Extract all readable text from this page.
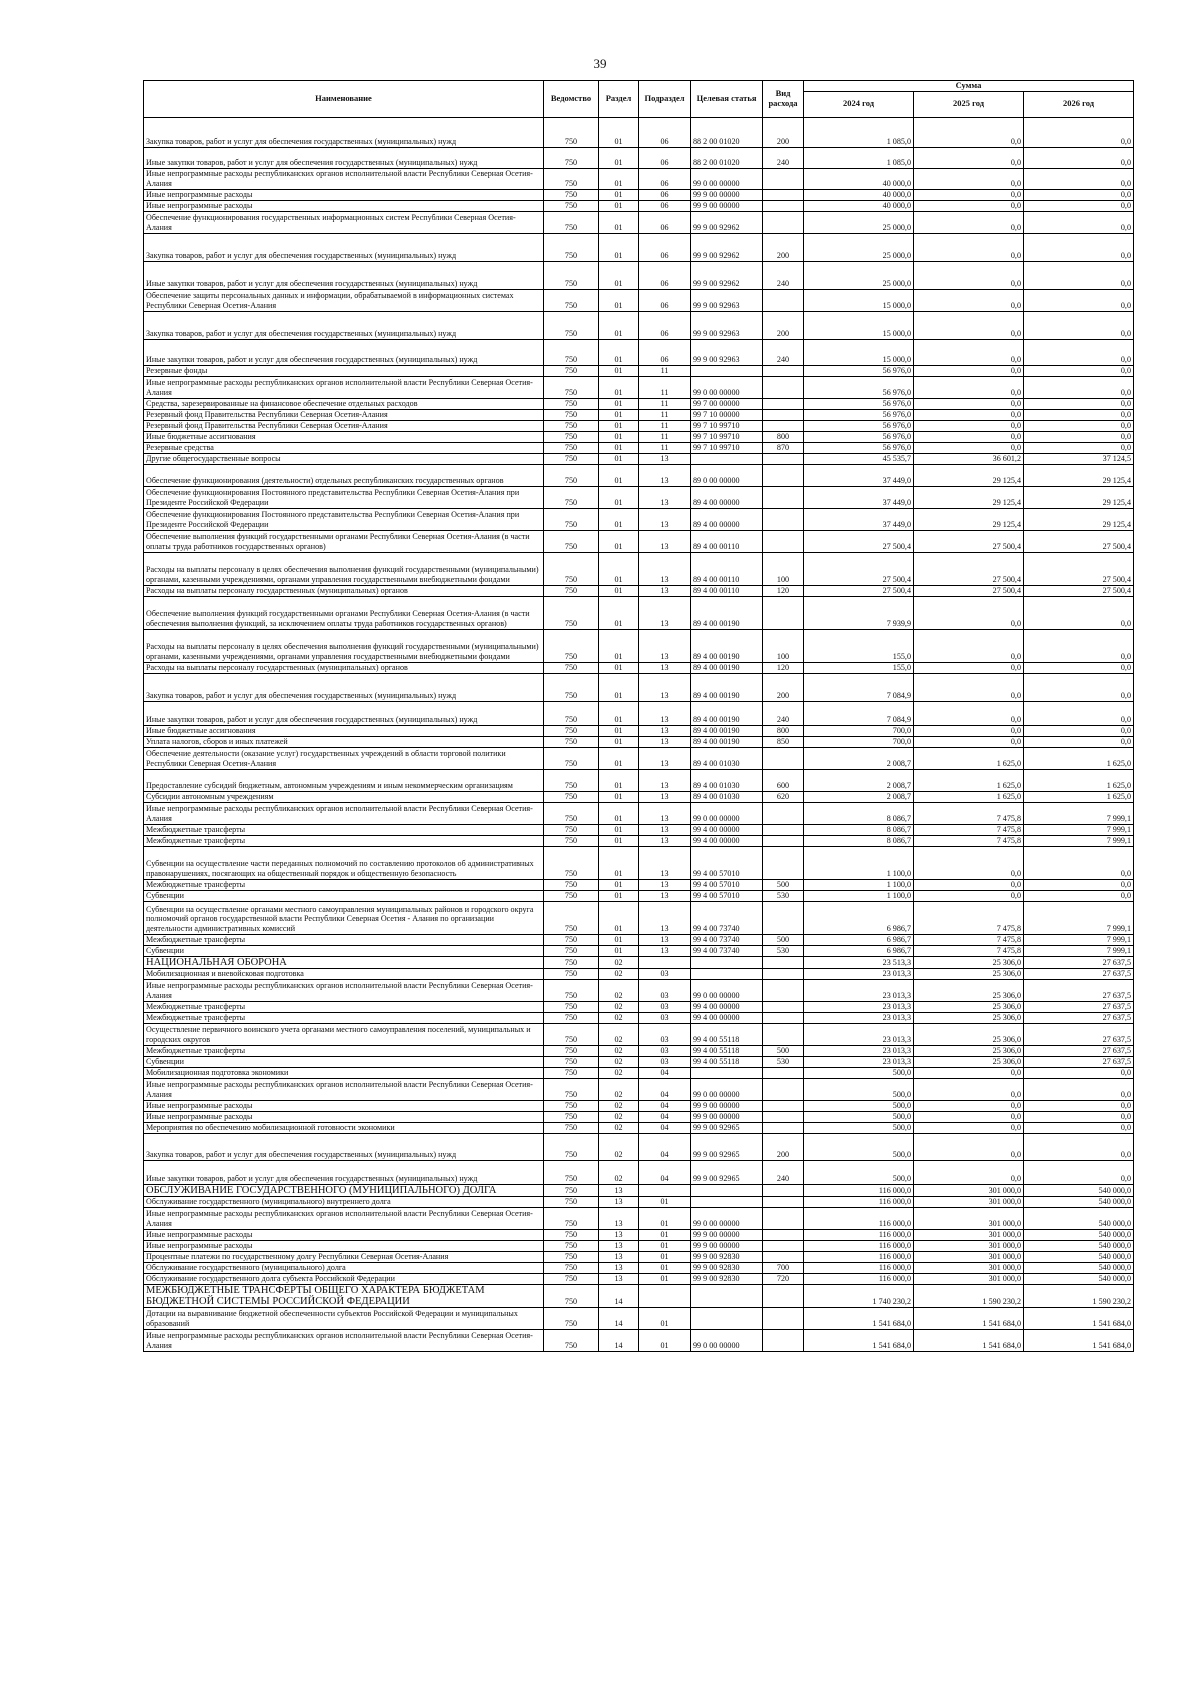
39
Наименование	Ведомство	Раздел	Подраздел	Целевая статья	Вид расхода	Сумма		
						2024 год	2025 год	2026 год
Закупка товаров, работ и услуг для обеспечения государственных (муниципальных) нужд	750	01	06	88 2 00 01020	200	1 085,0	0,0	0,0
Иные закупки товаров, работ и услуг для обеспечения государственных (муниципальных) нужд	750	01	06	88 2 00 01020	240	1 085,0	0,0	0,0
Иные непрограммные расходы республиканских органов исполнительной власти Республики Северная Осетия-Алания	750	01	06	99 0 00 00000		40 000,0	0,0	0,0
Иные непрограммные расходы	750	01	06	99 9 00 00000		40 000,0	0,0	0,0
Иные непрограммные расходы	750	01	06	99 9 00 00000		40 000,0	0,0	0,0
Обеспечение функционирования государственных информационных систем Республики Северная Осетия-Алания	750	01	06	99 9 00 92962		25 000,0	0,0	0,0
Закупка товаров, работ и услуг для обеспечения государственных (муниципальных) нужд	750	01	06	99 9 00 92962	200	25 000,0	0,0	0,0
Иные закупки товаров, работ и услуг для обеспечения государственных (муниципальных) нужд	750	01	06	99 9 00 92962	240	25 000,0	0,0	0,0
Обеспечение защиты персональных данных и информации, обрабатываемой в информационных системах Республики Северная Осетия-Алания	750	01	06	99 9 00 92963		15 000,0	0,0	0,0
Закупка товаров, работ и услуг для обеспечения государственных (муниципальных) нужд	750	01	06	99 9 00 92963	200	15 000,0	0,0	0,0
Иные закупки товаров, работ и услуг для обеспечения государственных (муниципальных) нужд	750	01	06	99 9 00 92963	240	15 000,0	0,0	0,0
Резервные фонды	750	01	11			56 976,0	0,0	0,0
Иные непрограммные расходы республиканских органов исполнительной власти Республики Северная Осетия-Алания	750	01	11	99 0 00 00000		56 976,0	0,0	0,0
Средства, зарезервированные на финансовое обеспечение отдельных расходов	750	01	11	99 7 00 00000		56 976,0	0,0	0,0
Резервный фонд Правительства Республики Северная Осетия-Алания	750	01	11	99 7 10 00000		56 976,0	0,0	0,0
Резервный фонд Правительства Республики Северная Осетия-Алания	750	01	11	99 7 10 99710		56 976,0	0,0	0,0
Иные бюджетные ассигнования	750	01	11	99 7 10 99710	800	56 976,0	0,0	0,0
Резервные средства	750	01	11	99 7 10 99710	870	56 976,0	0,0	0,0
Другие общегосударственные вопросы	750	01	13			45 535,7	36 601,2	37 124,5
Обеспечение функционирования (деятельности) отдельных республиканских государственных органов	750	01	13	89 0 00 00000		37 449,0	29 125,4	29 125,4
Обеспечение функционирования Постоянного представительства Республики Северная Осетия-Алания при Президенте Российской Федерации	750	01	13	89 4 00 00000		37 449,0	29 125,4	29 125,4
Обеспечение функционирования Постоянного представительства Республики Северная Осетия-Алания при Президенте Российской Федерации	750	01	13	89 4 00 00000		37 449,0	29 125,4	29 125,4
Обеспечение выполнения функций государственными органами Республики Северная Осетия-Алания (в части оплаты труда работников государственных органов)	750	01	13	89 4 00 00110		27 500,4	27 500,4	27 500,4
Расходы на выплаты персоналу в целях обеспечения выполнения функций государственными (муниципальными) органами, казенными учреждениями, органами управления государственными внебюджетными фондами	750	01	13	89 4 00 00110	100	27 500,4	27 500,4	27 500,4
Расходы на выплаты персоналу государственных (муниципальных) органов	750	01	13	89 4 00 00110	120	27 500,4	27 500,4	27 500,4
Обеспечение выполнения функций государственными органами Республики Северная Осетия-Алания (в части обеспечения выполнения функций, за исключением оплаты труда работников государственных органов)	750	01	13	89 4 00 00190		7 939,9	0,0	0,0
Расходы на выплаты персоналу в целях обеспечения выполнения функций государственными (муниципальными) органами, казенными учреждениями, органами управления государственными внебюджетными фондами	750	01	13	89 4 00 00190	100	155,0	0,0	0,0
Расходы на выплаты персоналу государственных (муниципальных) органов	750	01	13	89 4 00 00190	120	155,0	0,0	0,0
Закупка товаров, работ и услуг для обеспечения государственных (муниципальных) нужд	750	01	13	89 4 00 00190	200	7 084,9	0,0	0,0
Иные закупки товаров, работ и услуг для обеспечения государственных (муниципальных) нужд	750	01	13	89 4 00 00190	240	7 084,9	0,0	0,0
Иные бюджетные ассигнования	750	01	13	89 4 00 00190	800	700,0	0,0	0,0
Уплата налогов, сборов и иных платежей	750	01	13	89 4 00 00190	850	700,0	0,0	0,0
Обеспечение деятельности (оказание услуг) государственных учреждений в области торговой политики Республики Северная Осетия-Алания	750	01	13	89 4 00 01030		2 008,7	1 625,0	1 625,0
Предоставление субсидий бюджетным, автономным учреждениям и иным некоммерческим организациям	750	01	13	89 4 00 01030	600	2 008,7	1 625,0	1 625,0
Субсидии автономным учреждениям	750	01	13	89 4 00 01030	620	2 008,7	1 625,0	1 625,0
Иные непрограммные расходы республиканских органов исполнительной власти Республики Северная Осетия-Алания	750	01	13	99 0 00 00000		8 086,7	7 475,8	7 999,1
Межбюджетные трансферты	750	01	13	99 4 00 00000		8 086,7	7 475,8	7 999,1
Межбюджетные трансферты	750	01	13	99 4 00 00000		8 086,7	7 475,8	7 999,1
Субвенции на осуществление части переданных полномочий по составлению протоколов об административных правонарушениях, посягающих на общественный порядок и общественную безопасность	750	01	13	99 4 00 57010		1 100,0	0,0	0,0
Межбюджетные трансферты	750	01	13	99 4 00 57010	500	1 100,0	0,0	0,0
Субвенции	750	01	13	99 4 00 57010	530	1 100,0	0,0	0,0
Субвенции на осуществление органами местного самоуправления муниципальных районов и городского округа полномочий органов государственной власти Республики Северная Осетия - Алания по организации деятельности административных комиссий	750	01	13	99 4 00 73740		6 986,7	7 475,8	7 999,1
Межбюджетные трансферты	750	01	13	99 4 00 73740	500	6 986,7	7 475,8	7 999,1
Субвенции	750	01	13	99 4 00 73740	530	6 986,7	7 475,8	7 999,1
НАЦИОНАЛЬНАЯ ОБОРОНА	750	02				23 513,3	25 306,0	27 637,5
Мобилизационная и вневойсковая подготовка	750	02	03			23 013,3	25 306,0	27 637,5
Иные непрограммные расходы республиканских органов исполнительной власти Республики Северная Осетия-Алания	750	02	03	99 0 00 00000		23 013,3	25 306,0	27 637,5
Межбюджетные трансферты	750	02	03	99 4 00 00000		23 013,3	25 306,0	27 637,5
Межбюджетные трансферты	750	02	03	99 4 00 00000		23 013,3	25 306,0	27 637,5
Осуществление первичного воинского учета органами местного самоуправления поселений, муниципальных и городских округов	750	02	03	99 4 00 55118		23 013,3	25 306,0	27 637,5
Межбюджетные трансферты	750	02	03	99 4 00 55118	500	23 013,3	25 306,0	27 637,5
Субвенции	750	02	03	99 4 00 55118	530	23 013,3	25 306,0	27 637,5
Мобилизационная подготовка экономики	750	02	04			500,0	0,0	0,0
Иные непрограммные расходы республиканских органов исполнительной власти Республики Северная Осетия-Алания	750	02	04	99 0 00 00000		500,0	0,0	0,0
Иные непрограммные расходы	750	02	04	99 9 00 00000		500,0	0,0	0,0
Иные непрограммные расходы	750	02	04	99 9 00 00000		500,0	0,0	0,0
Мероприятия по обеспечению мобилизационной готовности экономики	750	02	04	99 9 00 92965		500,0	0,0	0,0
Закупка товаров, работ и услуг для обеспечения государственных (муниципальных) нужд	750	02	04	99 9 00 92965	200	500,0	0,0	0,0
Иные закупки товаров, работ и услуг для обеспечения государственных (муниципальных) нужд	750	02	04	99 9 00 92965	240	500,0	0,0	0,0
ОБСЛУЖИВАНИЕ ГОСУДАРСТВЕННОГО (МУНИЦИПАЛЬНОГО) ДОЛГА	750	13				116 000,0	301 000,0	540 000,0
Обслуживание государственного (муниципального) внутреннего долга	750	13	01			116 000,0	301 000,0	540 000,0
Иные непрограммные расходы республиканских органов исполнительной власти Республики Северная Осетия-Алания	750	13	01	99 0 00 00000		116 000,0	301 000,0	540 000,0
Иные непрограммные расходы	750	13	01	99 9 00 00000		116 000,0	301 000,0	540 000,0
Иные непрограммные расходы	750	13	01	99 9 00 00000		116 000,0	301 000,0	540 000,0
Процентные платежи по государственному долгу Республики Северная Осетия-Алания	750	13	01	99 9 00 92830		116 000,0	301 000,0	540 000,0
Обслуживание государственного (муниципального) долга	750	13	01	99 9 00 92830	700	116 000,0	301 000,0	540 000,0
Обслуживание государственного долга субъекта Российской Федерации	750	13	01	99 9 00 92830	720	116 000,0	301 000,0	540 000,0
МЕЖБЮДЖЕТНЫЕ ТРАНСФЕРТЫ ОБЩЕГО ХАРАКТЕРА БЮДЖЕТАМ БЮДЖЕТНОЙ СИСТЕМЫ РОССИЙСКОЙ ФЕДЕРАЦИИ	750	14				1 740 230,2	1 590 230,2	1 590 230,2
Дотации на выравнивание бюджетной обеспеченности субъектов Российской Федерации и муниципальных образований	750	14	01			1 541 684,0	1 541 684,0	1 541 684,0
Иные непрограммные расходы республиканских органов исполнительной власти Республики Северная Осетия-Алания	750	14	01	99 0 00 00000		1 541 684,0	1 541 684,0	1 541 684,0
